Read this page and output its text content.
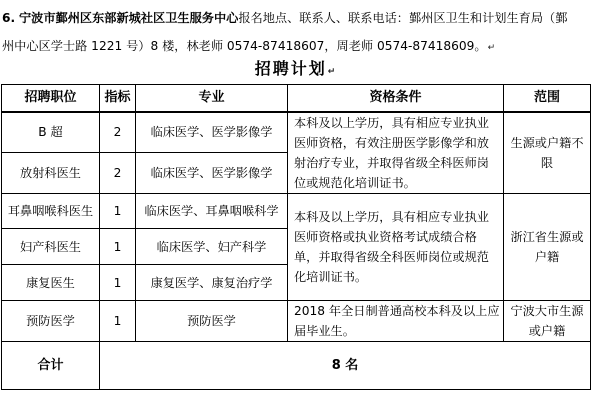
6. 宁波市鄞州区东部新城社区卫生服务中心报名地点、联系人、联系电话：鄞州区卫生和计划生育局（鄞
州中心区学士路 1221 号）8 楼，林老师 0574-87418607，周老师 0574-87418609。↵
招聘计划↵
招聘职位	指标	专业	资格条件	范围
B 超	2	临床医学、医学影像学	本科及以上学历，具有相应专业执业医师资格，有效注册医学影像学和放射治疗专业，并取得省级全科医师岗位或规范化培训证书。	生源或户籍不限
放射科医生	2	临床医学、医学影像学		
耳鼻咽喉科医生	1	临床医学、耳鼻咽喉科学	本科及以上学历，具有相应专业执业医师资格或执业资格考试成绩合格单，并取得省级全科医师岗位或规范化培训证书。	浙江省生源或户籍
妇产科医生	1	临床医学、妇产科学		
康复医生	1	康复医学、康复治疗学		
预防医学	1	预防医学	2018 年全日制普通高校本科及以上应届毕业生。	宁波大市生源或户籍
合计	8 名			
